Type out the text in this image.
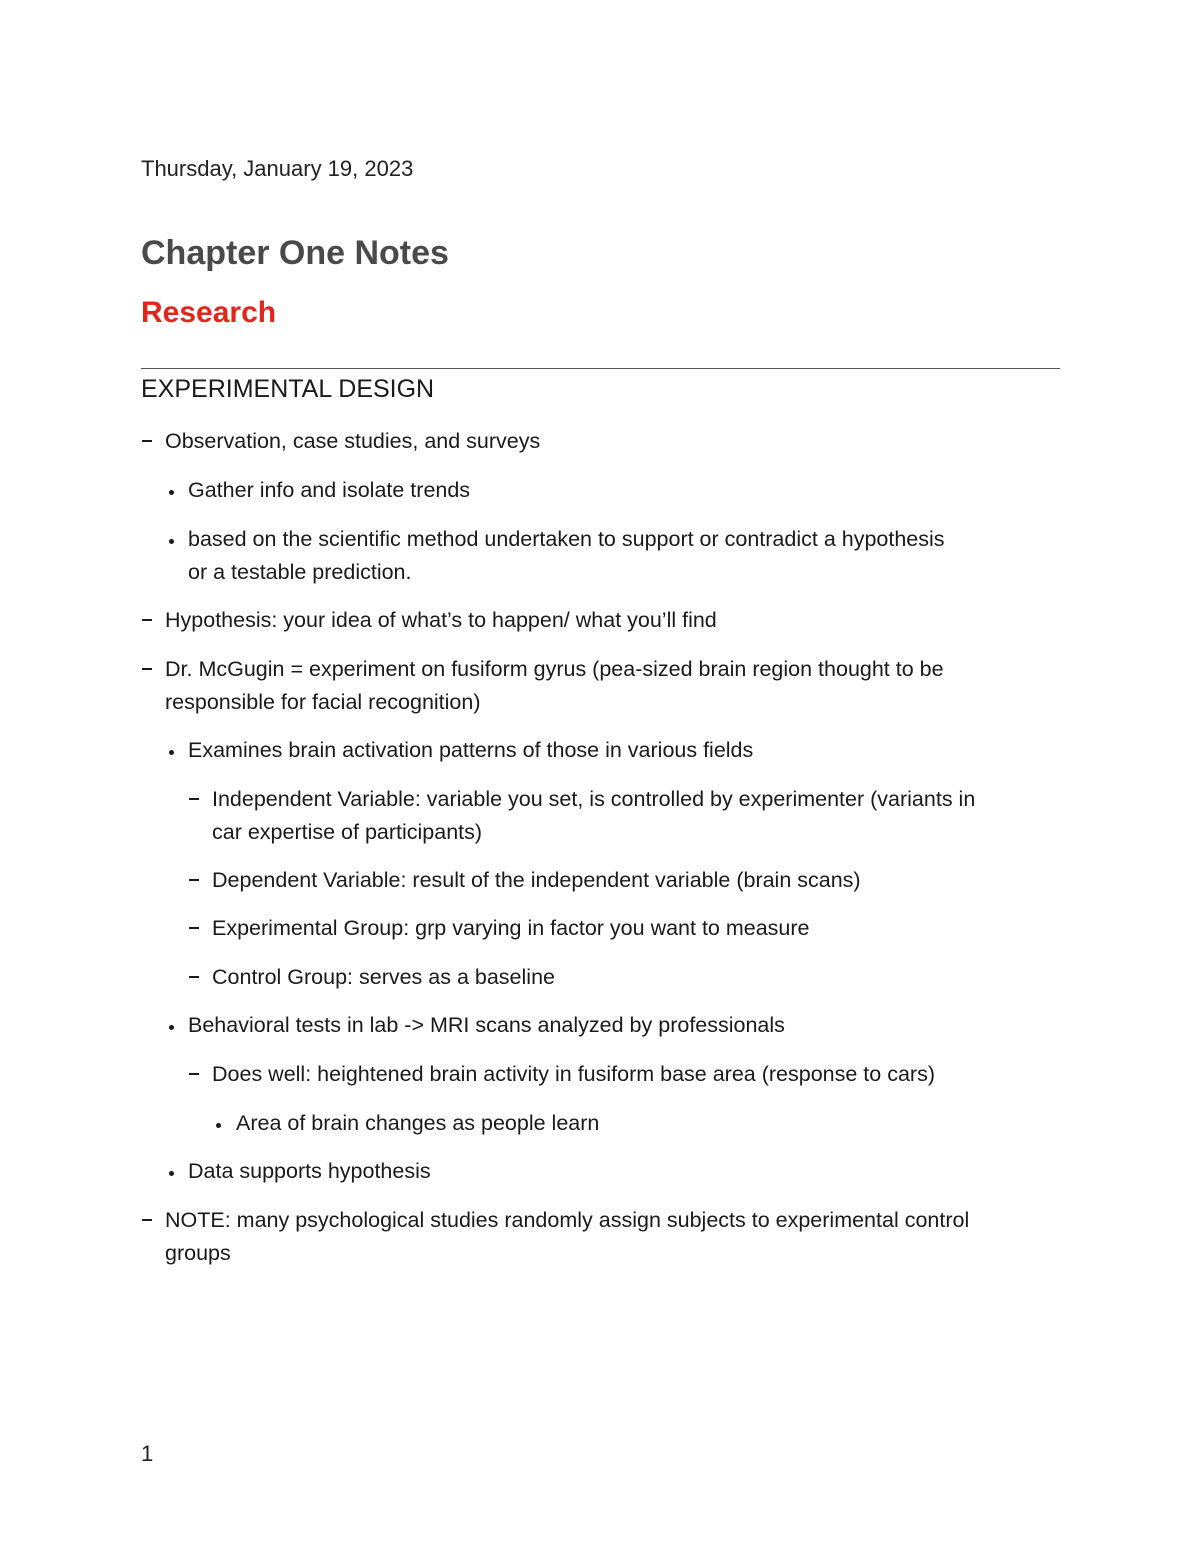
Thursday, January 19, 2023
Chapter One Notes
Research
EXPERIMENTAL DESIGN
Observation, case studies, and surveys
Gather info and isolate trends
based on the scientific method undertaken to support or contradict a hypothesis
or a testable prediction.
Hypothesis: your idea of what’s to happen/ what you’ll find
Dr. McGugin = experiment on fusiform gyrus (pea-sized brain region thought to be
responsible for facial recognition)
Examines brain activation patterns of those in various fields
Independent Variable: variable you set, is controlled by experimenter (variants in
car expertise of participants)
Dependent Variable: result of the independent variable (brain scans)
Experimental Group: grp varying in factor you want to measure
Control Group: serves as a baseline
Behavioral tests in lab -> MRI scans analyzed by professionals
Does well: heightened brain activity in fusiform base area (response to cars)
Area of brain changes as people learn
Data supports hypothesis
NOTE: many psychological studies randomly assign subjects to experimental control
groups
1
